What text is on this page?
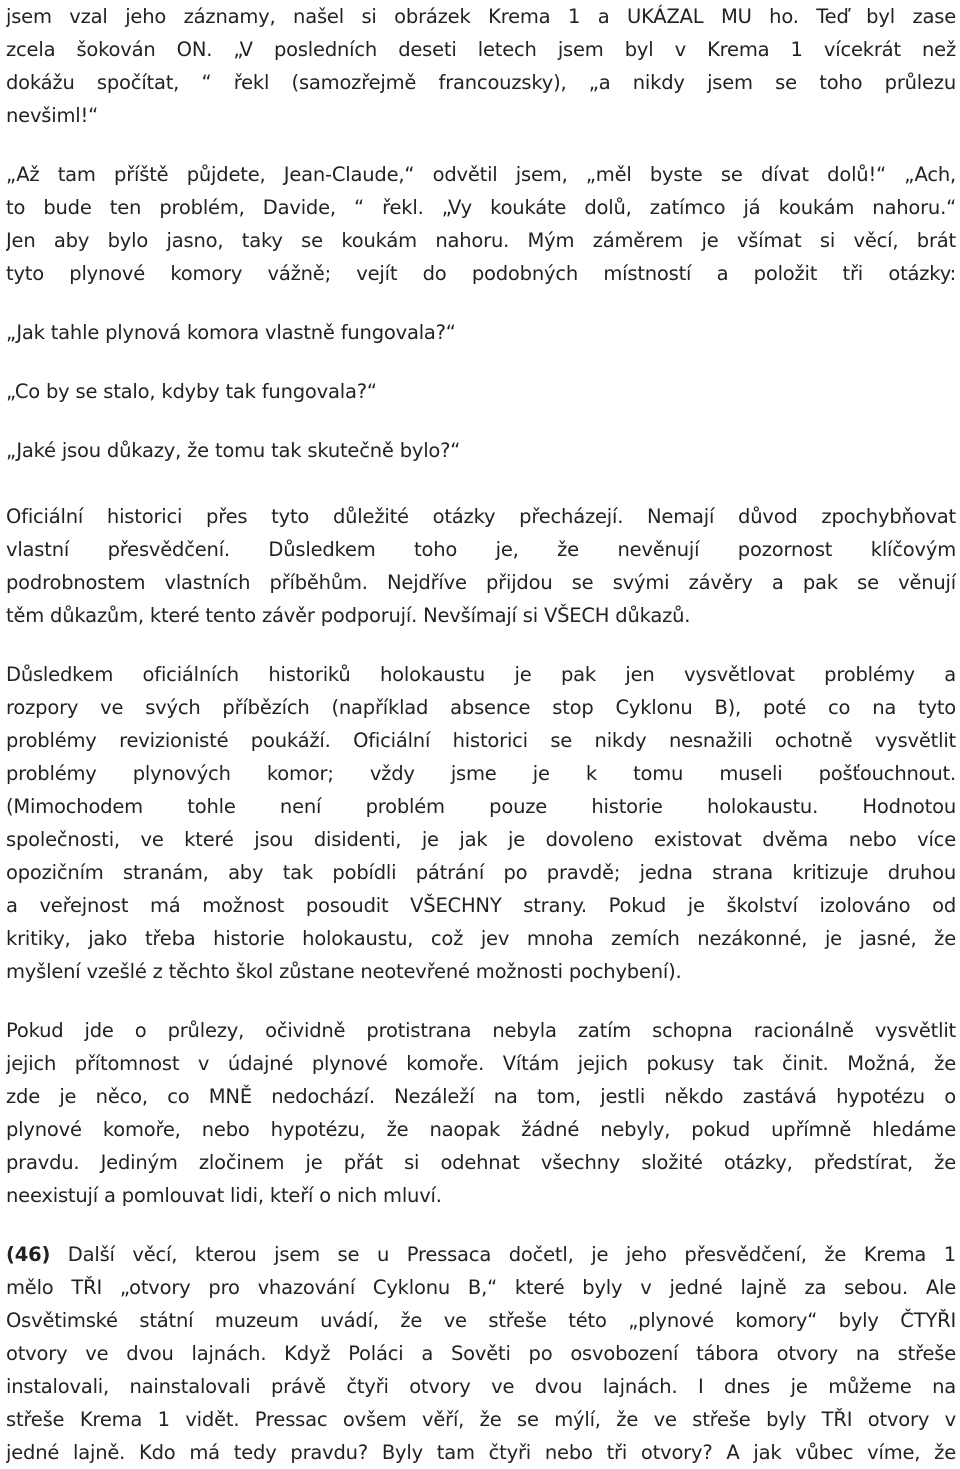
jsem vzal jeho záznamy, našel si obrázek Krema 1 a UKÁZAL MU ho. Teď byl zase
zcela šokován ON. „V posledních deseti letech jsem byl v Krema 1 vícekrát než
dokážu spočítat, “ řekl (samozřejmě francouzsky), „a nikdy jsem se toho průlezu
nevšiml!“
„Až tam příště půjdete, Jean-Claude,“ odvětil jsem, „měl byste se dívat dolů!“ „Ach,
to bude ten problém, Davide, “ řekl. „Vy koukáte dolů, zatímco já koukám nahoru.“
Jen aby bylo jasno, taky se koukám nahoru. Mým záměrem je všímat si věcí, brát
tyto plynové komory vážně; vejít do podobných místností a položit tři otázky:
„Jak tahle plynová komora vlastně fungovala?“
„Co by se stalo, kdyby tak fungovala?“
„Jaké jsou důkazy, že tomu tak skutečně bylo?“
Oficiální historici přes tyto důležité otázky přecházejí. Nemají důvod zpochybňovat
vlastní přesvědčení. Důsledkem toho je, že nevěnují pozornost klíčovým
podrobnostem vlastních příběhům. Nejdříve přijdou se svými závěry a pak se věnují
těm důkazům, které tento závěr podporují. Nevšímají si VŠECH důkazů.
Důsledkem oficiálních historiků holokaustu je pak jen vysvětlovat problémy a
rozpory ve svých příbězích (například absence stop Cyklonu B), poté co na tyto
problémy revizionisté poukáží. Oficiální historici se nikdy nesnažili ochotně vysvětlit
problémy plynových komor; vždy jsme je k tomu museli pošťouchnout.
(Mimochodem tohle není problém pouze historie holokaustu. Hodnotou
společnosti, ve které jsou disidenti, je jak je dovoleno existovat dvěma nebo více
opozičním stranám, aby tak pobídli pátrání po pravdě; jedna strana kritizuje druhou
a veřejnost má možnost posoudit VŠECHNY strany. Pokud je školství izolováno od
kritiky, jako třeba historie holokaustu, což jev mnoha zemích nezákonné, je jasné, že
myšlení vzešlé z těchto škol zůstane neotevřené možnosti pochybení).
Pokud jde o průlezy, očividně protistrana nebyla zatím schopna racionálně vysvětlit
jejich přítomnost v údajné plynové komoře. Vítám jejich pokusy tak činit. Možná, že
zde je něco, co MNĚ nedochází. Nezáleží na tom, jestli někdo zastává hypotézu o
plynové komoře, nebo hypotézu, že naopak žádné nebyly, pokud upřímně hledáme
pravdu. Jediným zločinem je přát si odehnat všechny složité otázky, předstírat, že
neexistují a pomlouvat lidi, kteří o nich mluví.
(46) Další věcí, kterou jsem se u Pressaca dočetl, je jeho přesvědčení, že Krema 1
mělo TŘI „otvory pro vhazování Cyklonu B,“ které byly v jedné lajně za sebou. Ale
Osvětimské státní muzeum uvádí, že ve střeše této „plynové komory“ byly ČTYŘI
otvory ve dvou lajnách. Když Poláci a Sověti po osvobození tábora otvory na střeše
instalovali, nainstalovali právě čtyři otvory ve dvou lajnách. I dnes je můžeme na
střeše Krema 1 vidět. Pressac ovšem věří, že se mýlí, že ve střeše byly TŘI otvory v
jedné lajně. Kdo má tedy pravdu? Byly tam čtyři nebo tři otvory? A jak vůbec víme, že
